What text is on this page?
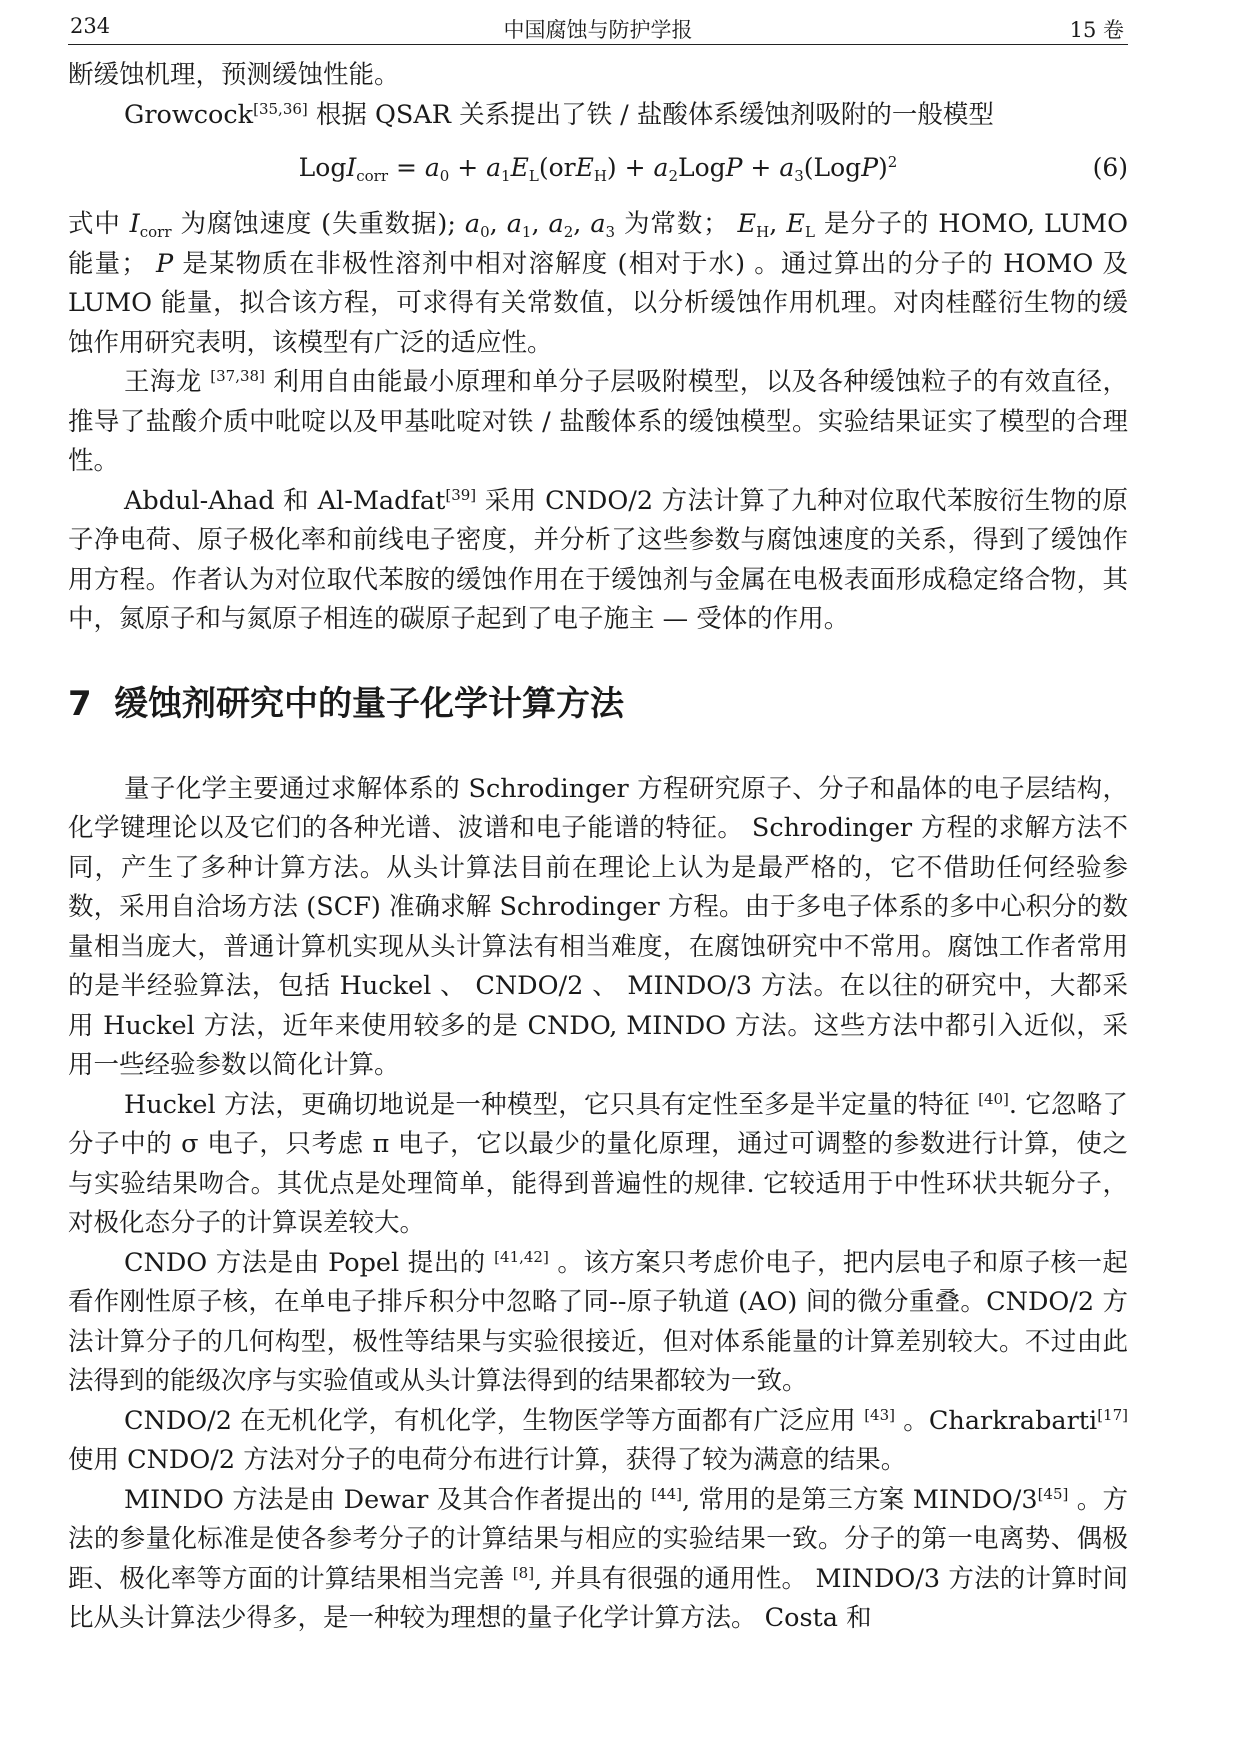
234	中国腐蚀与防护学报	15 卷

断缓蚀机理，预测缓蚀性能。

Growcock[35,36] 根据 QSAR 关系提出了铁 / 盐酸体系缓蚀剂吸附的一般模型

LogI$_{corr}$ = $a_0 + a_1E_L(orE_H)$ + $a_2LogP$ + $a_3(LogP)^2$	(6)

式中 $I_{corr}$ 为腐蚀速度 (失重数据); $a_0$, $a_1$, $a_2$, $a_3$ 为常数； $E_H$, $E_L$ 是分子的 HOMO, LUMO 能量； P 是某物质在非极性溶剂中相对溶解度 (相对于水) 。通过算出的分子的 HOMO 及 LUMO 能量，拟合该方程，可求得有关常数值，以分析缓蚀作用机理。对肉桂醛衍生物的缓蚀作用研究表明，该模型有广泛的适应性。

王海龙 [37,38] 利用自由能最小原理和单分子层吸附模型，以及各种缓蚀粒子的有效直径，推导了盐酸介质中吡啶以及甲基吡啶对铁 / 盐酸体系的缓蚀模型。实验结果证实了模型的合理性。

Abdul-Ahad 和 Al-Madfat[39] 采用 CNDO/2 方法计算了九种对位取代苯胺衍生物的原子净电荷、原子极化率和前线电子密度，并分析了这些参数与腐蚀速度的关系，得到了缓蚀作用方程。作者认为对位取代苯胺的缓蚀作用在于缓蚀剂与金属在电极表面形成稳定络合物，其中，氮原子和与氮原子相连的碳原子起到了电子施主 — 受体的作用。

7 缓蚀剂研究中的量子化学计算方法

量子化学主要通过求解体系的 Schrodinger 方程研究原子、分子和晶体的电子层结构，化学键理论以及它们的各种光谱、波谱和电子能谱的特征。 Schrodinger 方程的求解方法不同，产生了多种计算方法。从头计算法目前在理论上认为是最严格的，它不借助任何经验参数，采用自洽场方法 (SCF) 准确求解 Schrodinger 方程。由于多电子体系的多中心积分的数量相当庞大，普通计算机实现从头计算法有相当难度，在腐蚀研究中不常用。腐蚀工作者常用的是半经验算法，包括 Huckel 、 CNDO/2 、 MINDO/3 方法。在以往的研究中，大都采用 Huckel 方法，近年来使用较多的是 CNDO, MINDO 方法。这些方法中都引入近似，采用一些经验参数以简化计算。

Huckel 方法，更确切地说是一种模型，它只具有定性至多是半定量的特征 [40]. 它忽略了分子中的 σ 电子，只考虑 π 电子，它以最少的量化原理，通过可调整的参数进行计算，使之与实验结果吻合。其优点是处理简单，能得到普遍性的规律. 它较适用于中性环状共轭分子，对极化态分子的计算误差较大。

CNDO 方法是由 Popel 提出的 [41,42] 。该方案只考虑价电子，把内层电子和原子核一起看作刚性原子核，在单电子排斥积分中忽略了同--原子轨道 (AO) 间的微分重叠。CNDO/2 方法计算分子的几何构型，极性等结果与实验很接近，但对体系能量的计算差别较大。不过由此法得到的能级次序与实验值或从头计算法得到的结果都较为一致。

CNDO/2 在无机化学，有机化学，生物医学等方面都有广泛应用 [43] 。Charkrabarti[17] 使用 CNDO/2 方法对分子的电荷分布进行计算，获得了较为满意的结果。

MINDO 方法是由 Dewar 及其合作者提出的 [44], 常用的是第三方案 MINDO/3[45] 。方法的参量化标准是使各参考分子的计算结果与相应的实验结果一致。分子的第一电离势、偶极距、极化率等方面的计算结果相当完善 [8], 并具有很强的通用性。 MINDO/3 方法的计算时间比从头计算法少得多，是一种较为理想的量子化学计算方法。 Costa 和
